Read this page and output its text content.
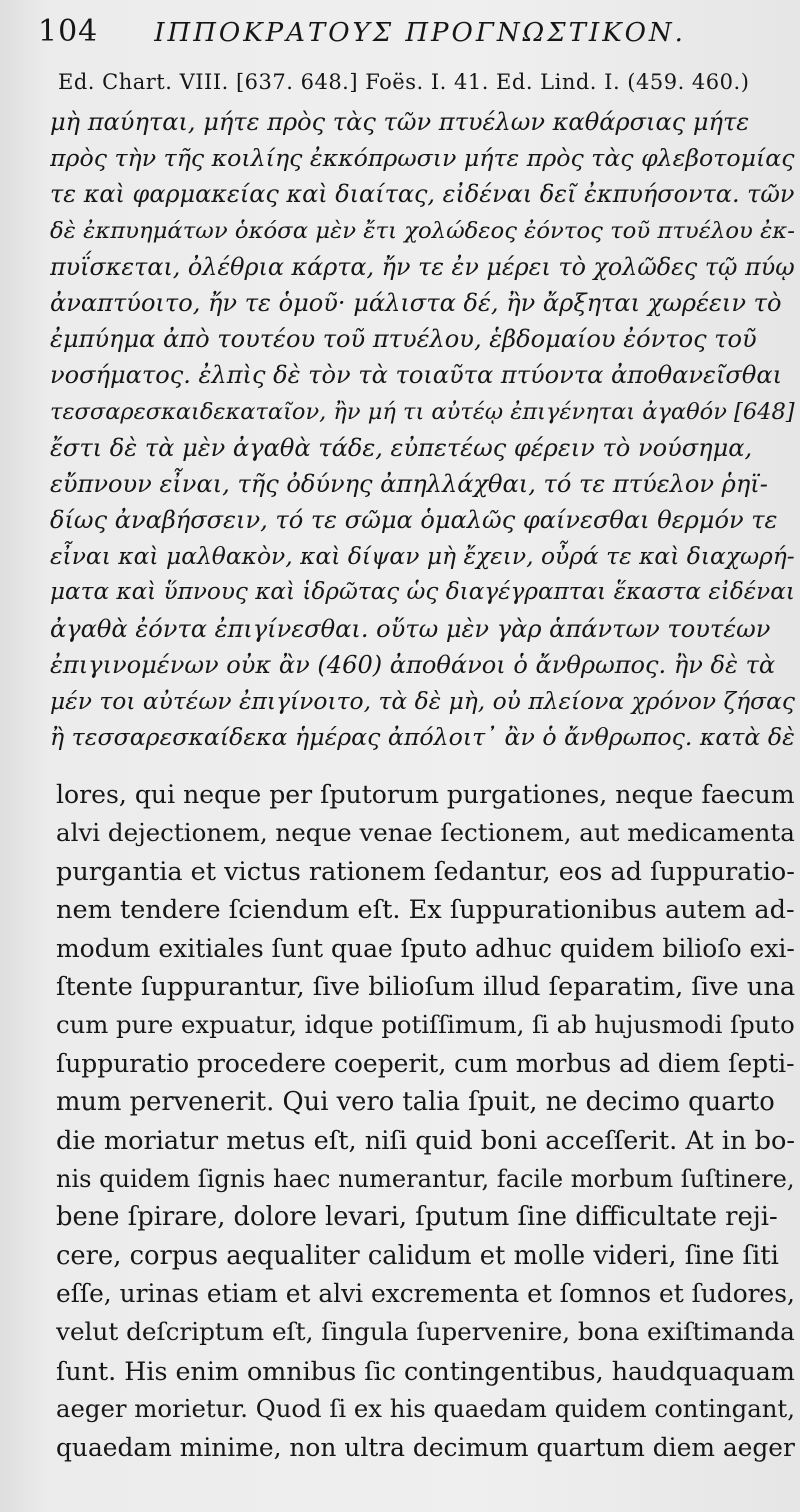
104 ΙΠΠΟΚΡΑΤΟΥΣ ΠΡΟΓΝΩΣΤΙΚΟΝ.
Ed. Chart. VIII. [637. 648.] Foës. I. 41. Ed. Lind. I. (459. 460.)
μὴ παύηται, μήτε πρὸς τὰς τῶν πτυέλων καθάρσιας μήτε
πρὸς τὴν τῆς κοιλίης ἐκκόπρωσιν μήτε πρὸς τὰς φλεβοτομίας
τε καὶ φαρμακείας καὶ διαίτας, εἰδέναι δεῖ ἐκπυήσοντα. τῶν
δὲ ἐκπυημάτων ὁκόσα μὲν ἔτι χολώδεος ἐόντος τοῦ πτυέλου ἐκ-
πυΐσκεται, ὀλέθρια κάρτα, ἤν τε ἐν μέρει τὸ χολῶδες τῷ πύῳ
ἀναπτύοιτο, ἤν τε ὁμοῦ· μάλιστα δέ, ἢν ἄρξηται χωρέειν τὸ
ἐμπύημα ἀπὸ τουτέου τοῦ πτυέλου, ἑβδομαίου ἐόντος τοῦ
νοσήματος. ἐλπὶς δὲ τὸν τὰ τοιαῦτα πτύοντα ἀποθανεῖσθαι
τεσσαρεσκαιδεκαταῖον, ἢν μή τι αὐτέῳ ἐπιγένηται ἀγαθόν [648]
ἔστι δὲ τὰ μὲν ἀγαθὰ τάδε, εὐπετέως φέρειν τὸ νούσημα,
εὔπνουν εἶναι, τῆς ὀδύνης ἀπηλλάχθαι, τό τε πτύελον ῥηϊ-
δίως ἀναβήσσειν, τό τε σῶμα ὁμαλῶς φαίνεσθαι θερμόν τε
εἶναι καὶ μαλθακὸν, καὶ δίψαν μὴ ἔχειν, οὖρά τε καὶ διαχωρή-
ματα καὶ ὕπνους καὶ ἱδρῶτας ὡς διαγέγραπται ἕκαστα εἰδέναι
ἀγαθὰ ἐόντα ἐπιγίνεσθαι. οὕτω μὲν γὰρ ἁπάντων τουτέων
ἐπιγινομένων οὐκ ἂν (460) ἀποθάνοι ὁ ἄνθρωπος. ἢν δὲ τὰ
μέν τοι αὐτέων ἐπιγίνοιτο, τὰ δὲ μὴ, οὐ πλείονα χρόνον ζήσας
ἢ τεσσαρεσκαίδεκα ἡμέρας ἀπόλοιτ᾽ ἂν ὁ ἄνθρωπος. κατὰ δὲ
lores, qui neque per ſputorum purgationes, neque faecum
alvi dejectionem, neque venae ſectionem, aut medicamenta
purgantia et victus rationem ſedantur, eos ad ſuppuratio-
nem tendere ſciendum eſt. Ex ſuppurationibus autem ad-
modum exitiales ſunt quae ſputo adhuc quidem bilioſo exi-
ſtente ſuppurantur, ſive bilioſum illud ſeparatim, ſive una
cum pure expuatur, idque potiſſimum, ſi ab hujusmodi ſputo
ſuppuratio procedere coeperit, cum morbus ad diem ſepti-
mum pervenerit. Qui vero talia ſpuit, ne decimo quarto
die moriatur metus eſt, niſi quid boni acceſſerit. At in bo-
nis quidem ſignis haec numerantur, facile morbum ſuſtinere,
bene ſpirare, dolore levari, ſputum ſine difficultate reji-
cere, corpus aequaliter calidum et molle videri, ſine ſiti
eſſe, urinas etiam et alvi excrementa et ſomnos et ſudores,
velut deſcriptum eſt, ſingula ſupervenire, bona exiſtimanda
ſunt. His enim omnibus ſic contingentibus, haudquaquam
aeger morietur. Quod ſi ex his quaedam quidem contingant,
quaedam minime, non ultra decimum quartum diem aeger
